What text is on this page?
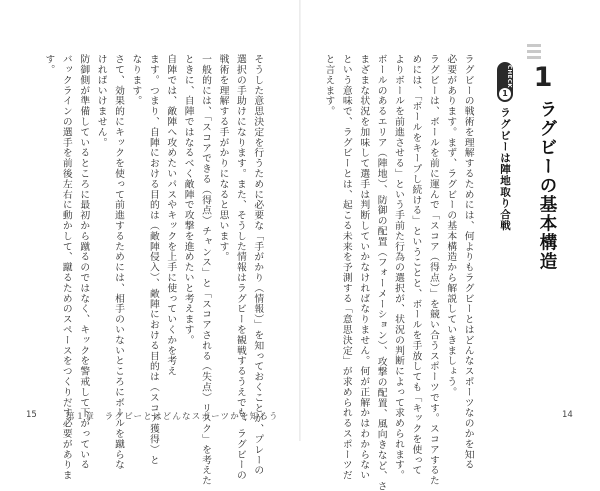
1
ラグビーの基本構造
CHECK
1
ラグビーは陣地取り合戦

ラグビーの戦術を理解するためには、何よりもラグビーとはどんなスポーツなのかを知る

必要があります。まず、ラグビーの基本構造から解説していきましょう。

ラグビーは、ボールを前に運んで「スコア（得点）」を競い合うスポーツです。スコアするた

めには、「ボールをキープし続ける」ということと、ボールを手放しても「キックを使って

よりボールを前進させる」という手前た行為の選択が、状況の判断によって求められます。

ボールのあるエリア（陣地）、防御の配置（フォーメーション）、攻撃の配置、風向きなど、さ

まざまな状況を加味して選手は判断していかなければなりません。何が正解かはわからない

という意味で、ラグビーとは、起こる未来を予測する「意思決定」が求められるスポーツだ

と言えます。

そうした意思決定を行うために必要な「手がかり（情報）」を知っておくことが、プレーの

選択の手助けになります。また、そうした情報はラグビーを観戦するうえでも、ラグビーの

戦術を理解する手がかりになると思います。

一般的には、「スコアできる（得点）チャンス」と「スコアされる（失点）リスク」を考えた

ときに、自陣ではなるべく敵陣で攻撃を進めたいと考えます。

自陣では、敵陣へ攻めたいパスやキックを上手に使っていくかを考え

ます。つまり、自陣における目的は（敵陣侵入）、敵陣における目的は（スコア獲得）と

なります。

さて、効果的にキックを使って前進するためには、相手のいないところにボールを蹴らな

ければいけません。

防御側が準備しているところに最初から蹴るのではなく、キックを警戒して下がっている

バックラインの選手を前後左右に動かして、蹴るためのスペースをつくりだす必要がありま

す。

15	第１章　ラグビーとはどんなスポーツかを知ろう	14
